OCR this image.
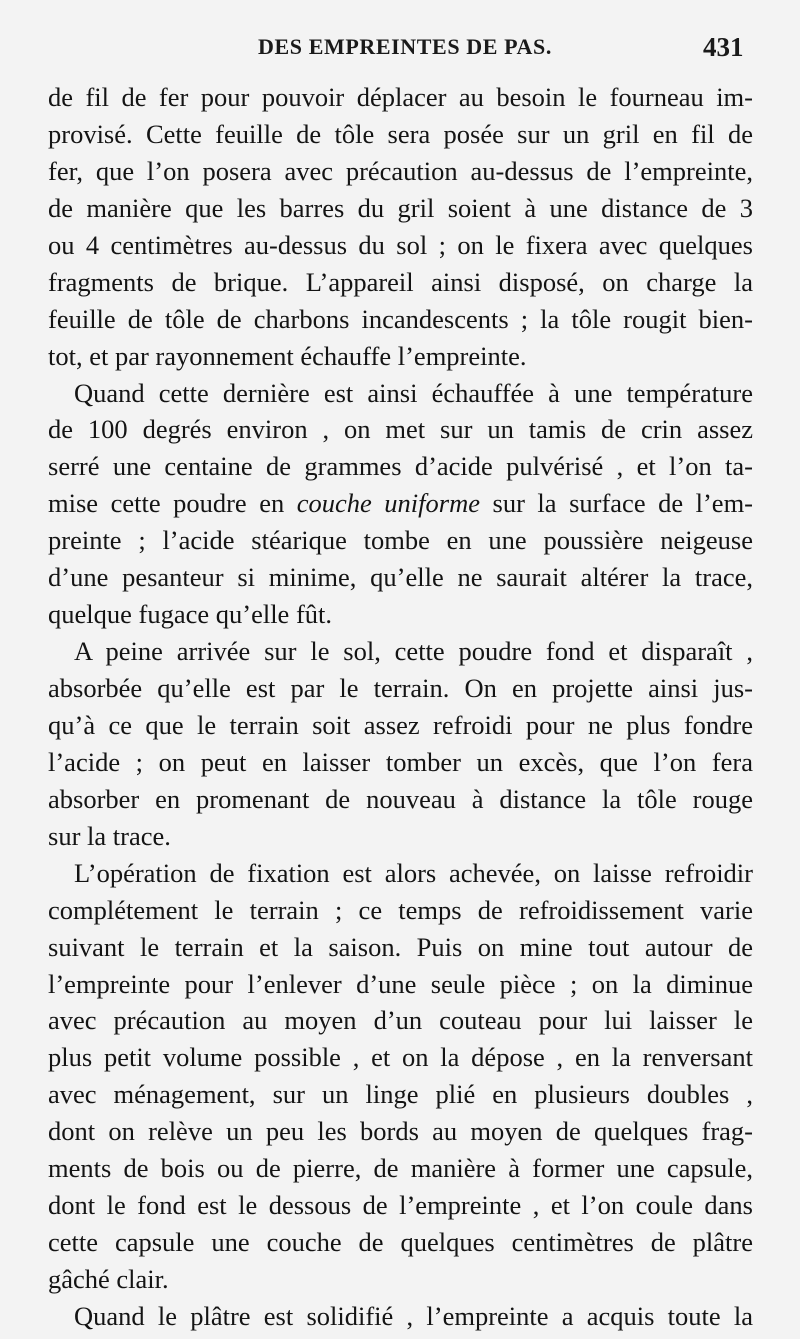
DES EMPREINTES DE PAS.	431
de fil de fer pour pouvoir déplacer au besoin le fourneau im-
provisé. Cette feuille de tôle sera posée sur un gril en fil de
fer, que l’on posera avec précaution au-dessus de l’empreinte,
de manière que les barres du gril soient à une distance de 3
ou 4 centimètres au-dessus du sol ; on le fixera avec quelques
fragments de brique. L’appareil ainsi disposé, on charge la
feuille de tôle de charbons incandescents ; la tôle rougit bien-
tot, et par rayonnement échauffe l’empreinte.
Quand cette dernière est ainsi échauffée à une température
de 100 degrés environ , on met sur un tamis de crin assez
serré une centaine de grammes d’acide pulvérisé , et l’on ta-
mise cette poudre en couche uniforme sur la surface de l’em-
preinte ; l’acide stéarique tombe en une poussière neigeuse
d’une pesanteur si minime, qu’elle ne saurait altérer la trace,
quelque fugace qu’elle fût.
A peine arrivée sur le sol, cette poudre fond et disparaît ,
absorbée qu’elle est par le terrain. On en projette ainsi jus-
qu’à ce que le terrain soit assez refroidi pour ne plus fondre
l’acide ; on peut en laisser tomber un excès, que l’on fera
absorber en promenant de nouveau à distance la tôle rouge
sur la trace.
L’opération de fixation est alors achevée, on laisse refroidir
complétement le terrain ; ce temps de refroidissement varie
suivant le terrain et la saison. Puis on mine tout autour de
l’empreinte pour l’enlever d’une seule pièce ; on la diminue
avec précaution au moyen d’un couteau pour lui laisser le
plus petit volume possible , et on la dépose , en la renversant
avec ménagement, sur un linge plié en plusieurs doubles ,
dont on relève un peu les bords au moyen de quelques frag-
ments de bois ou de pierre, de manière à former une capsule,
dont le fond est le dessous de l’empreinte , et l’on coule dans
cette capsule une couche de quelques centimètres de plâtre
gâché clair.
Quand le plâtre est solidifié , l’empreinte a acquis toute la
